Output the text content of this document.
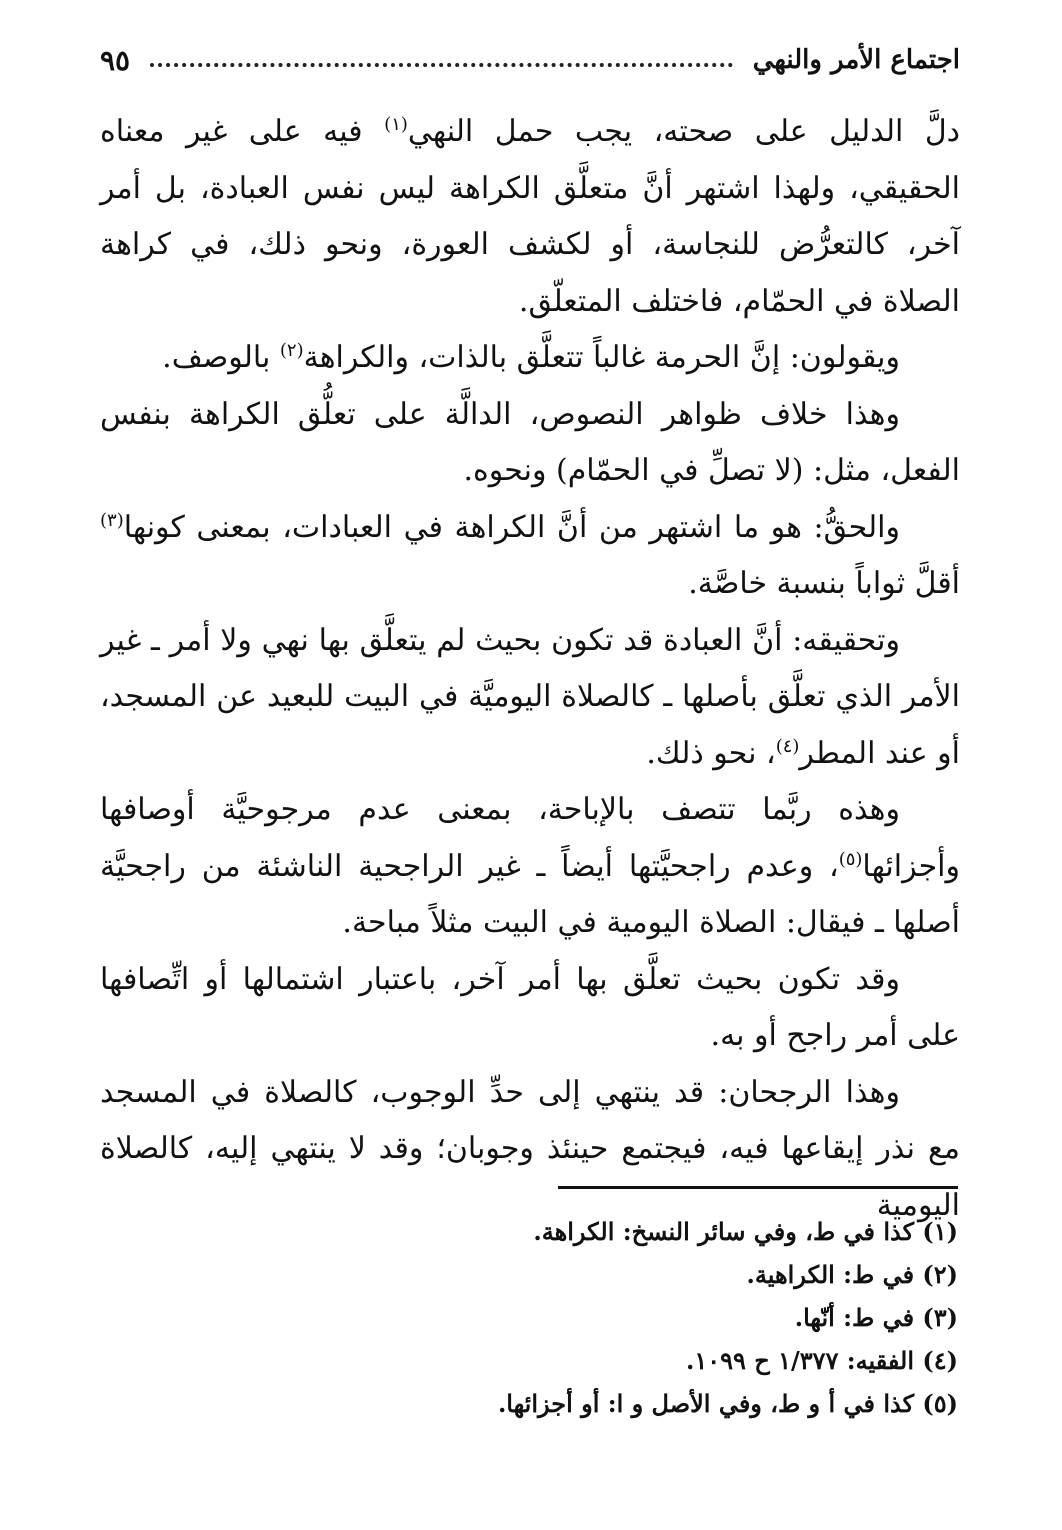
اجتماع الأمر والنهي
٩٥

دلَّ الدليل على صحته، يجب حمل النهي$^{(١)}$ فيه على غير معناه الحقيقي، ولهذا اشتهر أنَّ متعلَّق الكراهة ليس نفس العبادة، بل أمر آخر، كالتعرُّض للنجاسة، أو لكشف العورة، ونحو ذلك، في كراهة الصلاة في الحمّام، فاختلف المتعلّق.

ويقولون: إنَّ الحرمة غالباً تتعلَّق بالذات، والكراهة$^{(٢)}$ بالوصف.

وهذا خلاف ظواهر النصوص، الدالَّة على تعلُّق الكراهة بنفس الفعل، مثل: (لا تصلِّ في الحمّام) ونحوه.

والحقُّ: هو ما اشتهر من أنَّ الكراهة في العبادات، بمعنى كونها$^{(٣)}$ أقلَّ ثواباً بنسبة خاصَّة.

وتحقيقه: أنَّ العبادة قد تكون بحيث لم يتعلَّق بها نهي ولا أمر ـ غير الأمر الذي تعلَّق بأصلها ـ كالصلاة اليوميَّة في البيت للبعيد عن المسجد، أو عند المطر$^{(٤)}$، نحو ذلك.

وهذه ربَّما تتصف بالإباحة، بمعنى عدم مرجوحيَّة أوصافها وأجزائها$^{(٥)}$، وعدم راجحيَّتها أيضاً ـ غير الراجحية الناشئة من راجحيَّة أصلها ـ فيقال: الصلاة اليومية في البيت مثلاً مباحة.

وقد تكون بحيث تعلَّق بها أمر آخر، باعتبار اشتمالها أو اتِّصافها على أمر راجح أو به.

وهذا الرجحان: قد ينتهي إلى حدِّ الوجوب، كالصلاة في المسجد مع نذر إيقاعها فيه، فيجتمع حينئذ وجوبان؛ وقد لا ينتهي إليه، كالصلاة اليومية

(١) كذا في ط، وفي سائر النسخ: الكراهة.
(٢) في ط: الكراهية.
(٣) في ط: أنّها.
(٤) الفقيه: ١/٣٧٧ ح ١٠٩٩.
(٥) كذا في أ و ط، وفي الأصل و ا: أو أجزائها.
